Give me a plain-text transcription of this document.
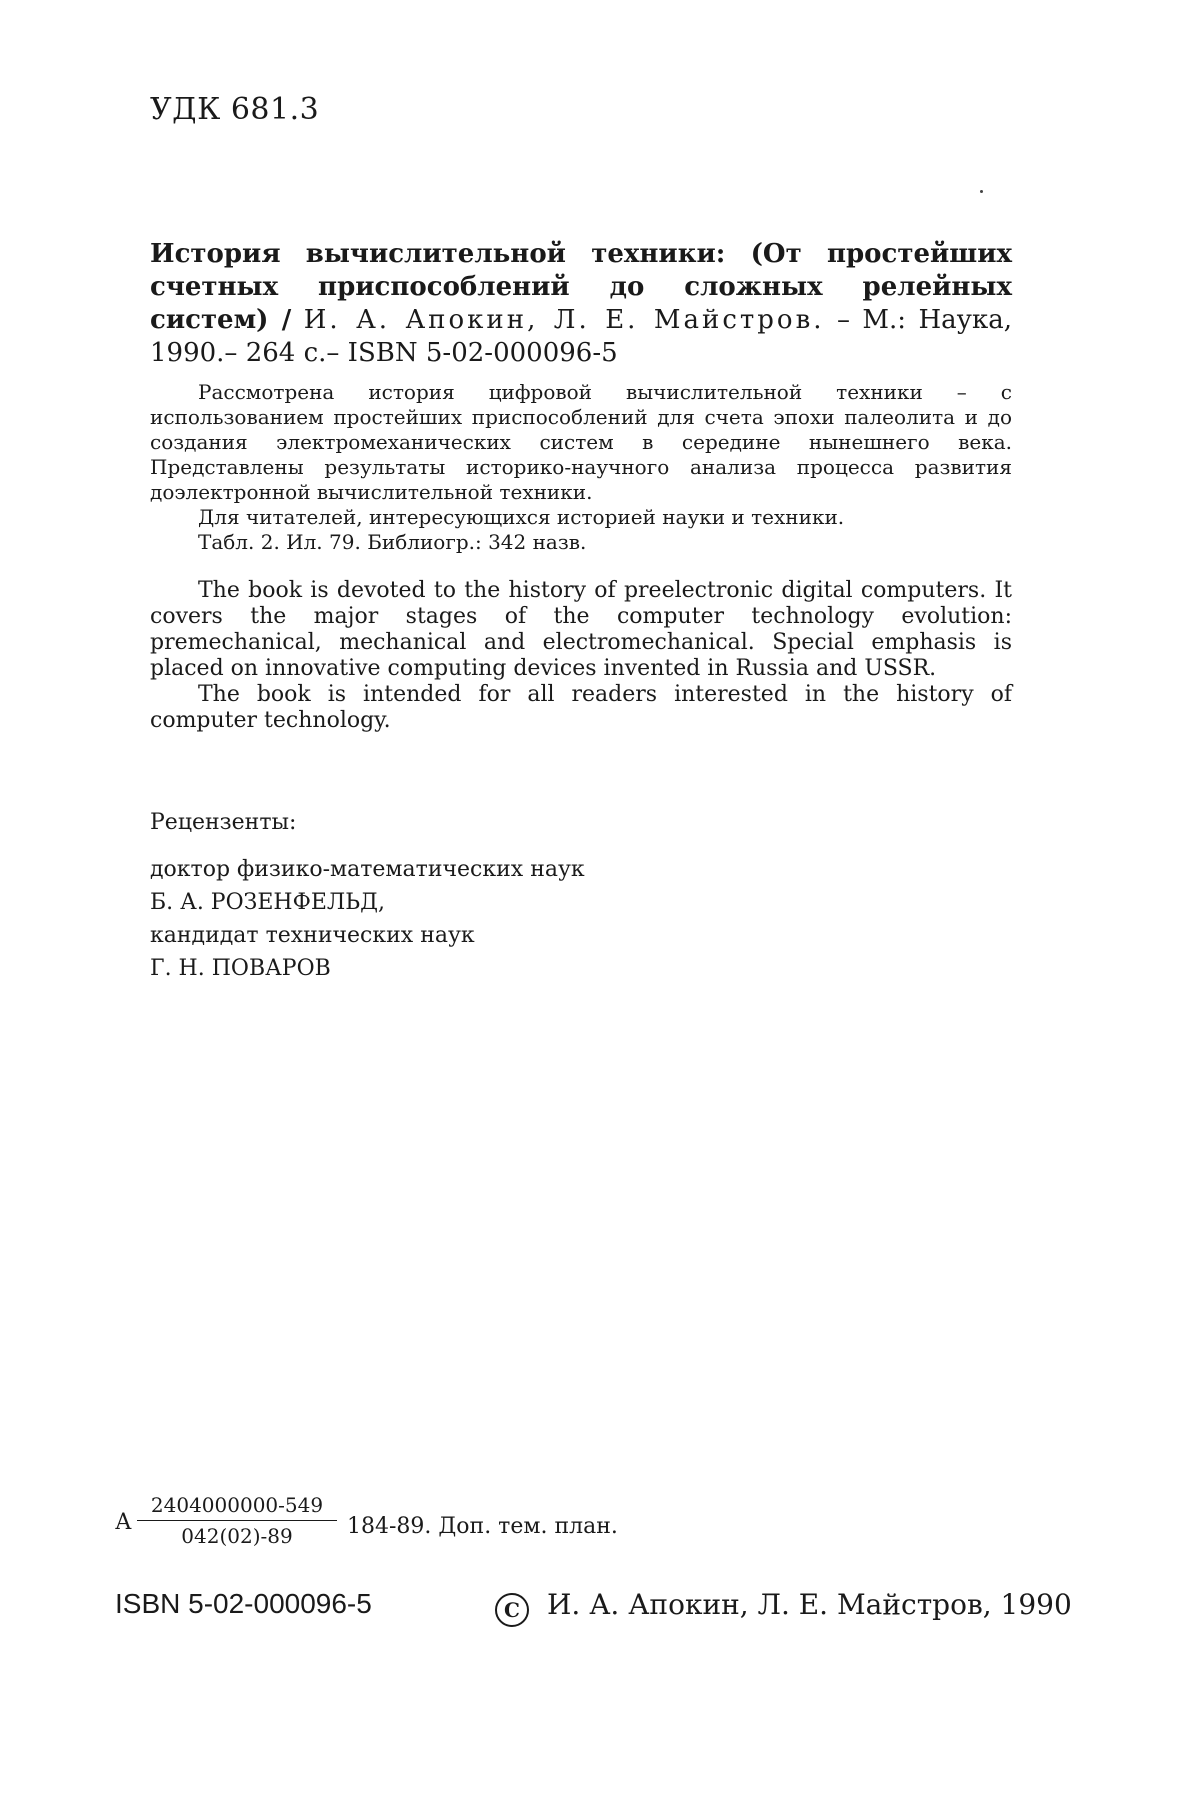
УДК 681.3
История вычислительной техники: (От простейших счетных приспособлений до сложных релейных систем) / И. А. Апокин, Л. Е. Майстров. – М.: Наука, 1990.– 264 с.– ISBN 5-02-000096-5

Рассмотрена история цифровой вычислительной техники – с использованием простейших приспособлений для счета эпохи палеолита и до создания электромеханических систем в середине нынешнего века. Представлены результаты историко-научного анализа процесса развития доэлектронной вычислительной техники.

Для читателей, интересующихся историей науки и техники.

Табл. 2. Ил. 79. Библиогр.: 342 назв.

The book is devoted to the history of preelectronic digital computers. It covers the major stages of the computer technology evolution: premechanical, mechanical and electromechanical. Special emphasis is placed on innovative computing devices invented in Russia and USSR.

The book is intended for all readers interested in the history of computer technology.

Рецензенты:
доктор физико-математических наук
Б. А. РОЗЕНФЕЛЬД,
кандидат технических наук
Г. Н. ПОВАРОВ
А
2404000000-549
042(02)-89	184-89. Доп. тем. план.
ISBN 5-02-000096-5	C И. А. Апокин, Л. Е. Майстров, 1990
